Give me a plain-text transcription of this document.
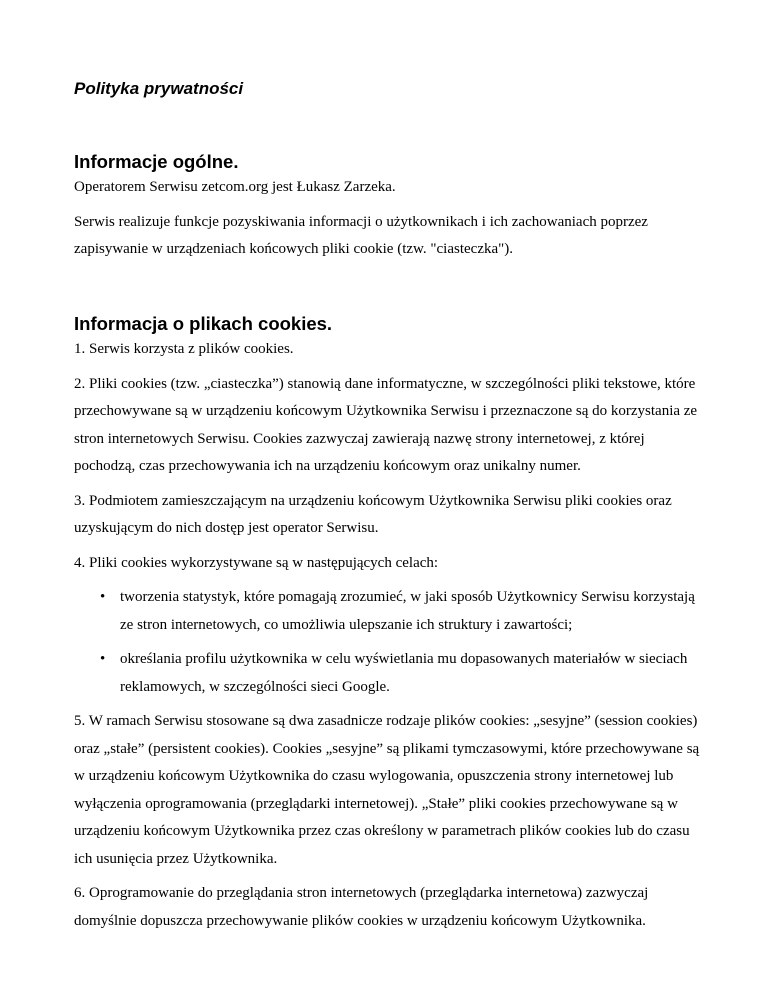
Polityka prywatności
Informacje ogólne.

Operatorem Serwisu zetcom.org jest Łukasz Zarzeka.

Serwis realizuje funkcje pozyskiwania informacji o użytkownikach i ich zachowaniach poprzez zapisywanie w urządzeniach końcowych pliki cookie (tzw. "ciasteczka").

Informacja o plikach cookies.

1. Serwis korzysta z plików cookies.

2. Pliki cookies (tzw. „ciasteczka”) stanowią dane informatyczne, w szczególności pliki tekstowe, które przechowywane są w urządzeniu końcowym Użytkownika Serwisu i przeznaczone są do korzystania ze stron internetowych Serwisu. Cookies zazwyczaj zawierają nazwę strony internetowej, z której pochodzą, czas przechowywania ich na urządzeniu końcowym oraz unikalny numer.

3. Podmiotem zamieszczającym na urządzeniu końcowym Użytkownika Serwisu pliki cookies oraz uzyskującym do nich dostęp jest operator Serwisu.

4. Pliki cookies wykorzystywane są w następujących celach:

• tworzenia statystyk, które pomagają zrozumieć, w jaki sposób Użytkownicy Serwisu korzystają ze stron internetowych, co umożliwia ulepszanie ich struktury i zawartości;
• określania profilu użytkownika w celu wyświetlania mu dopasowanych materiałów w sieciach reklamowych, w szczególności sieci Google.

5. W ramach Serwisu stosowane są dwa zasadnicze rodzaje plików cookies: „sesyjne” (session cookies) oraz „stałe” (persistent cookies). Cookies „sesyjne” są plikami tymczasowymi, które przechowywane są w urządzeniu końcowym Użytkownika do czasu wylogowania, opuszczenia strony internetowej lub wyłączenia oprogramowania (przeglądarki internetowej). „Stałe” pliki cookies przechowywane są w urządzeniu końcowym Użytkownika przez czas określony w parametrach plików cookies lub do czasu ich usunięcia przez Użytkownika.

6. Oprogramowanie do przeglądania stron internetowych (przeglądarka internetowa) zazwyczaj domyślnie dopuszcza przechowywanie plików cookies w urządzeniu końcowym Użytkownika.
